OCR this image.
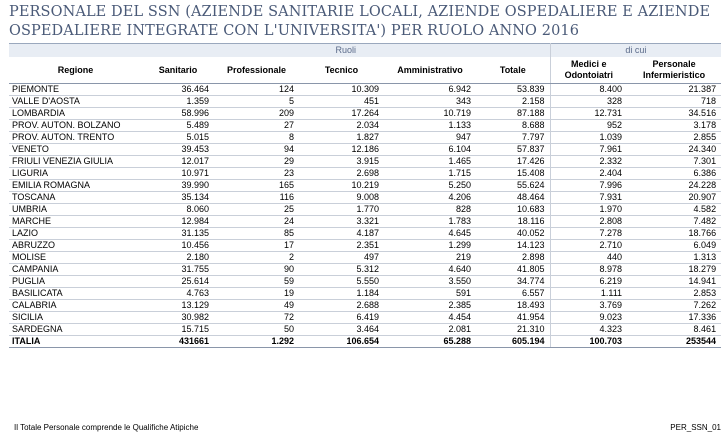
PERSONALE DEL SSN (AZIENDE SANITARIE LOCALI, AZIENDE OSPEDALIERE E AZIENDE
OSPEDALIERE INTEGRATE CON L'UNIVERSITA') PER RUOLO ANNO 2016
	Ruoli					di cui	
Regione	Sanitario	Professionale	Tecnico	Amministrativo	Totale	Medici e Odontoiatri	Personale Infermieristico
PIEMONTE	36.464	124	10.309	6.942	53.839	8.400	21.387
VALLE D'AOSTA	1.359	5	451	343	2.158	328	718
LOMBARDIA	58.996	209	17.264	10.719	87.188	12.731	34.516
PROV. AUTON. BOLZANO	5.489	27	2.034	1.133	8.688	952	3.178
PROV. AUTON. TRENTO	5.015	8	1.827	947	7.797	1.039	2.855
VENETO	39.453	94	12.186	6.104	57.837	7.961	24.340
FRIULI VENEZIA GIULIA	12.017	29	3.915	1.465	17.426	2.332	7.301
LIGURIA	10.971	23	2.698	1.715	15.408	2.404	6.386
EMILIA ROMAGNA	39.990	165	10.219	5.250	55.624	7.996	24.228
TOSCANA	35.134	116	9.008	4.206	48.464	7.931	20.907
UMBRIA	8.060	25	1.770	828	10.683	1.970	4.582
MARCHE	12.984	24	3.321	1.783	18.116	2.808	7.482
LAZIO	31.135	85	4.187	4.645	40.052	7.278	18.766
ABRUZZO	10.456	17	2.351	1.299	14.123	2.710	6.049
MOLISE	2.180	2	497	219	2.898	440	1.313
CAMPANIA	31.755	90	5.312	4.640	41.805	8.978	18.279
PUGLIA	25.614	59	5.550	3.550	34.774	6.219	14.941
BASILICATA	4.763	19	1.184	591	6.557	1.111	2.853
CALABRIA	13.129	49	2.688	2.385	18.493	3.769	7.262
SICILIA	30.982	72	6.419	4.454	41.954	9.023	17.336
SARDEGNA	15.715	50	3.464	2.081	21.310	4.323	8.461
ITALIA	431661	1.292	106.654	65.288	605.194	100.703	253544
Il Totale Personale comprende le Qualifiche Atipiche	PER_SSN_01
